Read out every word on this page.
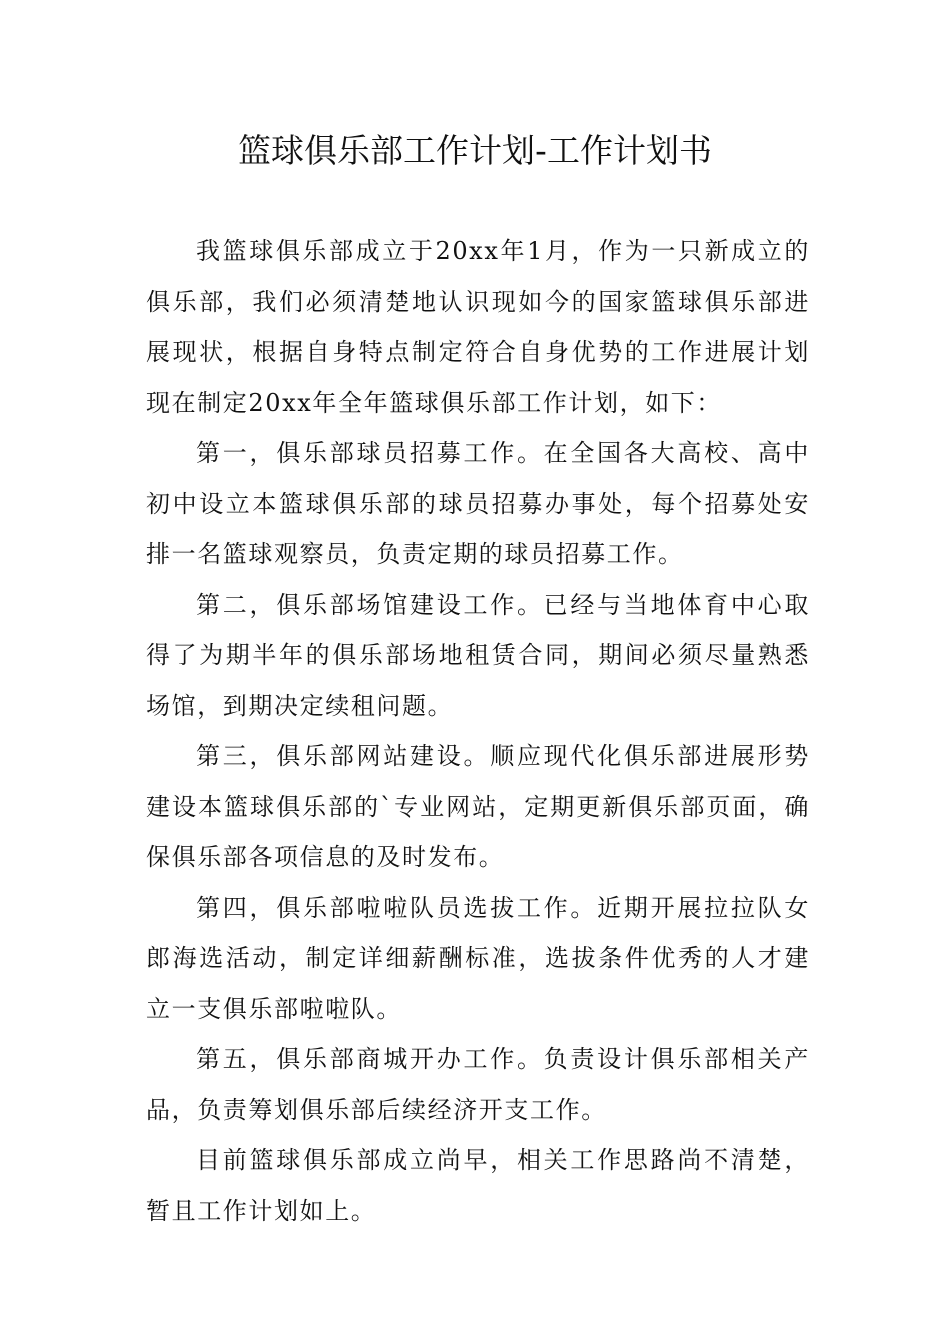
篮球俱乐部工作计划-工作计划书

我篮球俱乐部成立于20xx年1月，作为一只新成立的俱乐部，我们必须清楚地认识现如今的国家篮球俱乐部进展现状，根据自身特点制定符合自身优势的工作进展计划现在制定20xx年全年篮球俱乐部工作计划，如下：

第一，俱乐部球员招募工作。在全国各大高校、高中初中设立本篮球俱乐部的球员招募办事处，每个招募处安排一名篮球观察员，负责定期的球员招募工作。

第二，俱乐部场馆建设工作。已经与当地体育中心取得了为期半年的俱乐部场地租赁合同，期间必须尽量熟悉场馆，到期决定续租问题。

第三，俱乐部网站建设。顺应现代化俱乐部进展形势建设本篮球俱乐部的`专业网站，定期更新俱乐部页面，确保俱乐部各项信息的及时发布。

第四，俱乐部啦啦队员选拔工作。近期开展拉拉队女郎海选活动，制定详细薪酬标准，选拔条件优秀的人才建立一支俱乐部啦啦队。

第五，俱乐部商城开办工作。负责设计俱乐部相关产品，负责筹划俱乐部后续经济开支工作。

目前篮球俱乐部成立尚早，相关工作思路尚不清楚，暂且工作计划如上。
